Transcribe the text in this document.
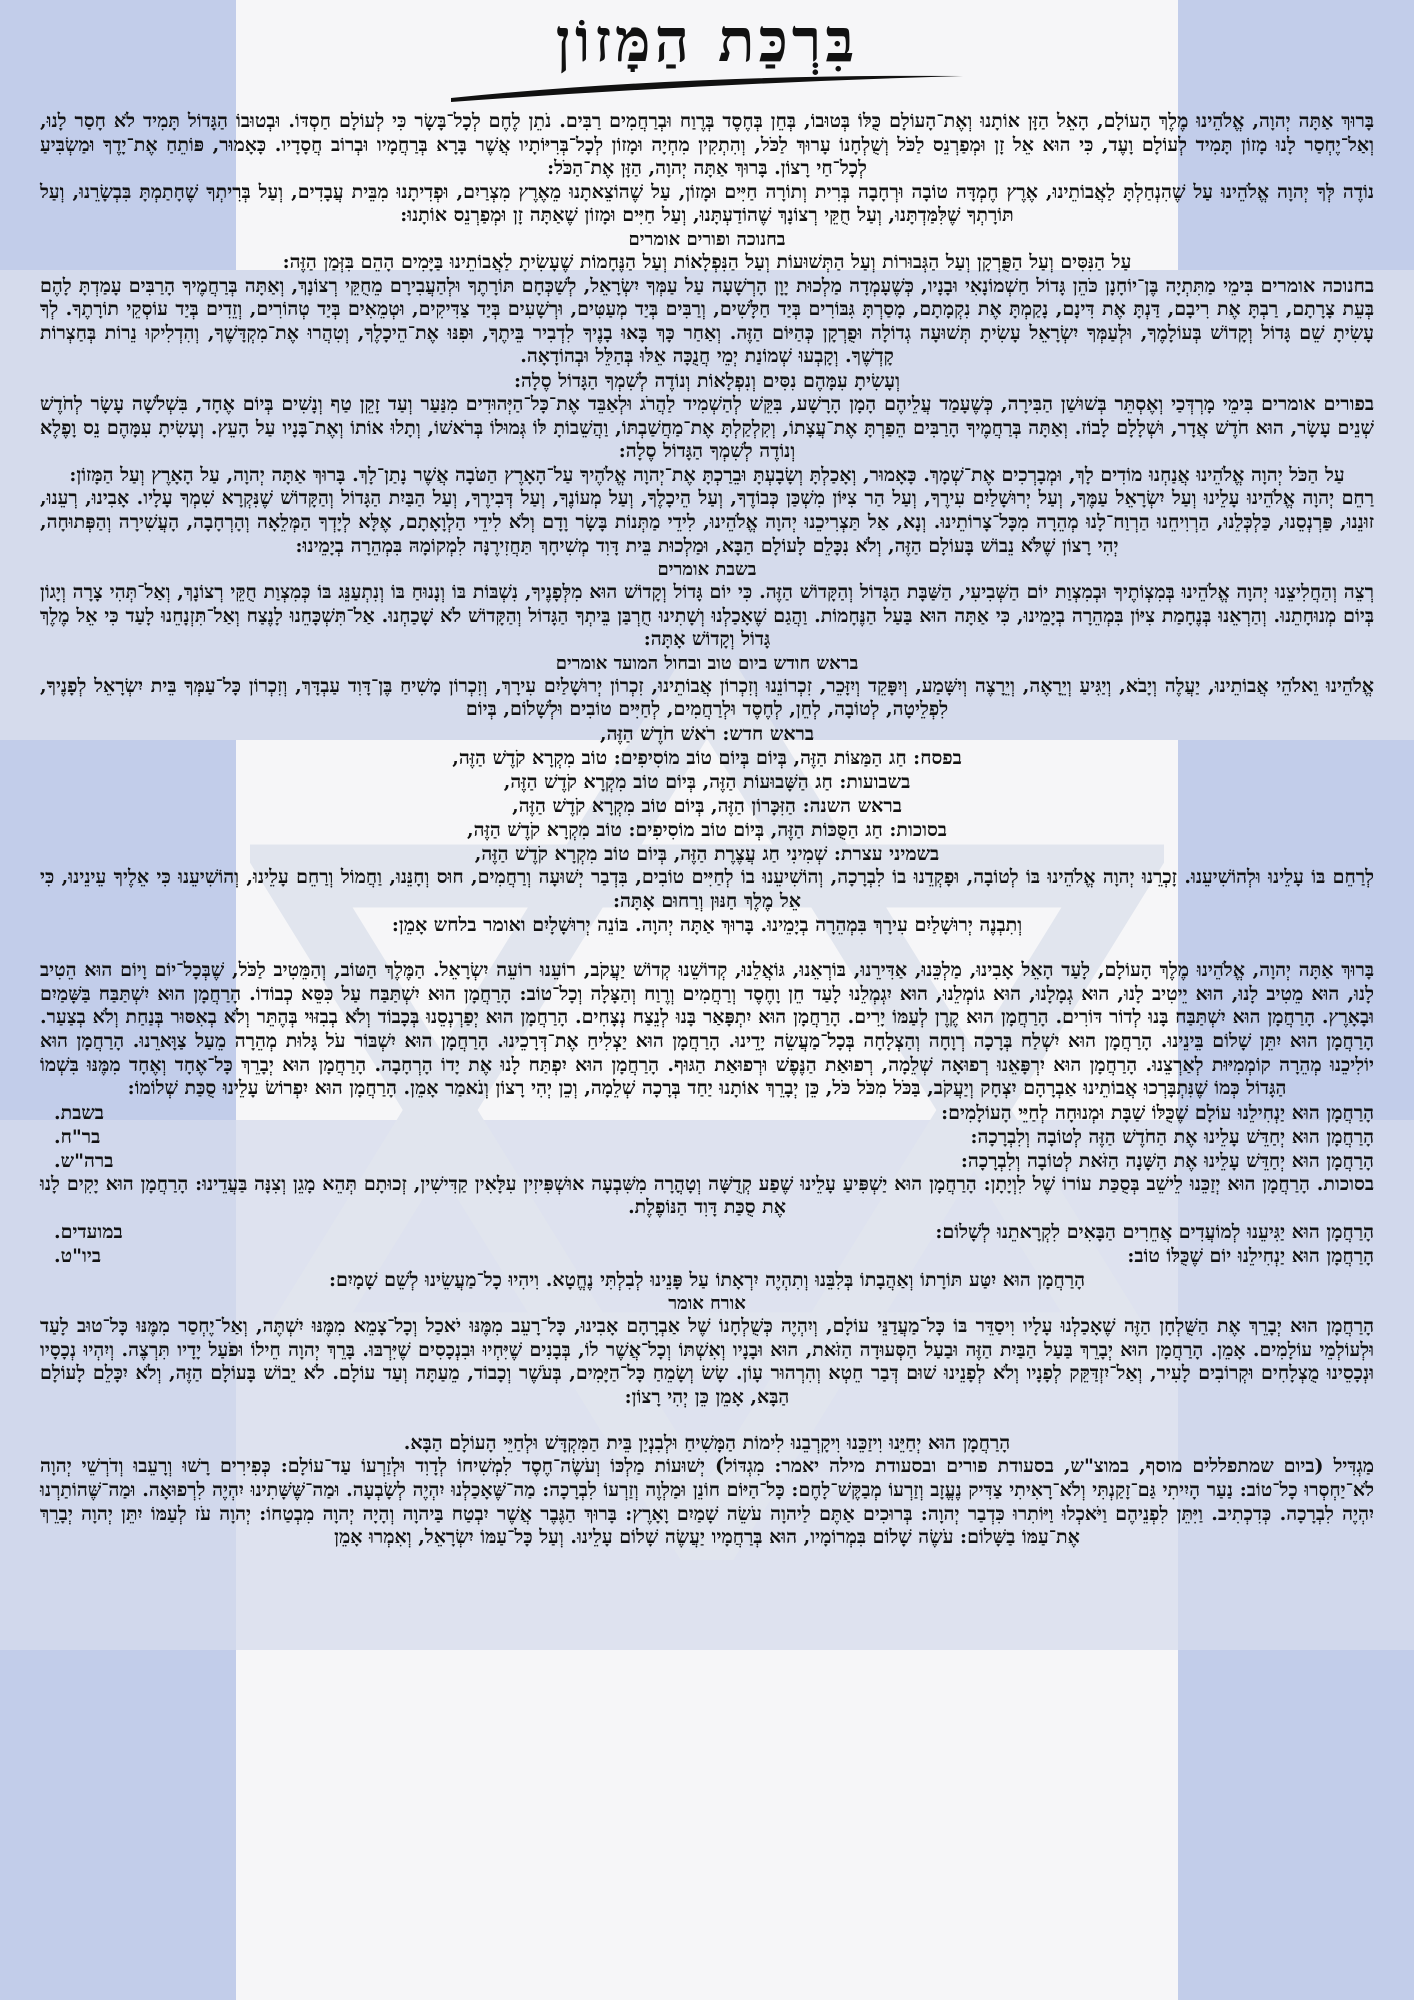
בִּרְכַּת הַמָּזוֹן

בָּרוּךְ אַתָּה יְהוָה, אֱלֹהֵינוּ מֶלֶךְ הָעוֹלָם, הָאֵל הַזָּן אוֹתָנוּ וְאֶת־הָעוֹלָם כֻּלּוֹ בְּטוּבוֹ, בְּחֵן בְּחֶסֶד בְּרֶוַח וּבְרַחֲמִים רַבִּים. נֹתֵן לֶחֶם לְכָל־בָּשָׂר כִּי לְעוֹלָם חַסְדּוֹ. וּבְטוּבוֹ הַגָּדוֹל תָּמִיד לֹא חָסַר לָנוּ, וְאַל־יֶחְסַר לָנוּ מָזוֹן תָּמִיד לְעוֹלָם וָעֶד, כִּי הוּא אֵל זָן וּמְפַרְנֵס לַכֹּל וְשֻׁלְחָנוֹ עָרוּךְ לַכֹּל, וְהִתְקִין מִחְיָה וּמָזוֹן לְכָל־בְּרִיּוֹתָיו אֲשֶׁר בָּרָא בְּרַחֲמָיו וּבְרוֹב חֲסָדָיו. כָּאָמוּר, פּוֹתֵחַ אֶת־יָדֶךָ וּמַשְׂבִּיעַ לְכָל־חַי רָצוֹן. בָּרוּךְ אַתָּה יְהוָה, הַזָּן אֶת־הַכֹּל:

נוֹדֶה לְּךָ יְהוָה אֱלֹהֵינוּ עַל שֶׁהִנְחַלְתָּ לַאֲבוֹתֵינוּ, אֶרֶץ חֶמְדָּה טוֹבָה וּרְחָבָה בְּרִית וְתוֹרָה חַיִּים וּמָזוֹן, עַל שֶׁהוֹצֵאתָנוּ מֵאֶרֶץ מִצְרַיִם, וּפְדִיתָנוּ מִבֵּית עֲבָדִים, וְעַל בְּרִיתְךָ שֶׁחָתַמְתָּ בִּבְשָׂרֵנוּ, וְעַל תּוֹרָתְךָ שֶׁלִּמַּדְתָּנוּ, וְעַל חֻקֵּי רְצוֹנָךְ שֶׁהוֹדַעְתָּנוּ, וְעַל חַיִּים וּמָזוֹן שֶׁאַתָּה זָן וּמְפַרְנֵס אוֹתָנוּ:

בחנוכה ופורים אומרים

עַל הַנִּסִּים וְעַל הַפֻּרְקָן וְעַל הַגְּבוּרוֹת וְעַל הַתְּשׁוּעוֹת וְעַל הַנִּפְלָאוֹת וְעַל הַנֶּחָמוֹת שֶׁעָשִׂיתָ לַאֲבוֹתֵינוּ בַּיָּמִים הָהֵם בִּזְּמַן הַזֶּה:

בחנוכה אומרים בִּימֵי מַתִּתְיָה בֶּן־יוֹחָנָן כֹּהֵן גָּדוֹל חַשְׁמוֹנָאִי וּבָנָיו, כְּשֶׁעָמְדָה מַלְכוּת יָוָן הָרְשָׁעָה עַל עַמְּךָ יִשְׂרָאֵל, לְשַׁכְּחָם תּוֹרָתֶךָ וּלְהַעֲבִירָם מֵחֻקֵּי רְצוֹנָךְ, וְאַתָּה בְּרַחֲמֶיךָ הָרַבִּים עָמַדְתָּ לָהֶם בְּעֵת צָרָתָם, רַבְתָּ אֶת רִיבָם, דַּנְתָּ אֶת דִּינָם, נָקַמְתָּ אֶת נִקְמָתָם, מָסַרְתָּ גִּבּוֹרִים בְּיַד חַלָּשִׁים, וְרַבִּים בְּיַד מְעַטִּים, וּרְשָׁעִים בְּיַד צַדִּיקִים, וּטְמֵאִים בְּיַד טְהוֹרִים, וְזֵדִים בְּיַד עוֹסְקֵי תוֹרָתֶךָ. לְךָ עָשִׂיתָ שֵׁם גָּדוֹל וְקָדוֹשׁ בְּעוֹלָמֶךָ, וּלְעַמְּךָ יִשְׂרָאֵל עָשִׂיתָ תְּשׁוּעָה גְדוֹלָה וּפֻרְקָן כְּהַיּוֹם הַזֶּה. וְאַחַר כָּךְ בָּאוּ בָנֶיךָ לִדְבִיר בֵּיתֶךָ, וּפִנּוּ אֶת־הֵיכָלֶךָ, וְטִהֲרוּ אֶת־מִקְדָּשֶׁךָ, וְהִדְלִיקוּ נֵרוֹת בְּחַצְרוֹת קָדְשֶׁךָ. וְקָבְעוּ שְׁמוֹנַת יְמֵי חֲנֻכָּה אֵלּוּ בְּהַלֵּל וּבְהוֹדָאָה.

וְעָשִׂיתָ עִמָּהֶם נִסִּים וְנִפְלָאוֹת וְנוֹדֶה לְשִׁמְךָ הַגָּדוֹל סֶלָה:

בפורים אומרים בִּימֵי מָרְדְּכַי וְאֶסְתֵּר בְּשׁוּשַׁן הַבִּירָה, כְּשֶׁעָמַד עֲלֵיהֶם הָמָן הָרָשָׁע, בִּקֵּשׁ לְהַשְׁמִיד לַהֲרֹג וּלְאַבֵּד אֶת־כָּל־הַיְּהוּדִים מִנַּעַר וְעַד זָקֵן טַף וְנָשִׁים בְּיוֹם אֶחָד, בִּשְׁלֹשָׁה עָשָׂר לְחֹדֶשׁ שְׁנֵים עָשָׂר, הוּא חֹדֶשׁ אֲדָר, וּשְׁלָלָם לָבוֹז. וְאַתָּה בְּרַחֲמֶיךָ הָרַבִּים הֵפַרְתָּ אֶת־עֲצָתוֹ, וְקִלְקַלְתָּ אֶת־מַחֲשַׁבְתּוֹ, וַהֲשֵׁבוֹתָ לּוֹ גְּמוּלוֹ בְּרֹאשׁוֹ, וְתָלוּ אוֹתוֹ וְאֶת־בָּנָיו עַל הָעֵץ. וְעָשִׂיתָ עִמָּהֶם נֵס וָפֶלֶא וְנוֹדֶה לְשִׁמְךָ הַגָּדוֹל סֶלָה:

עַל הַכֹּל יְהוָה אֱלֹהֵינוּ אֲנַחְנוּ מוֹדִים לָךְ, וּמְבָרְכִים אֶת־שְׁמָךְ. כָּאָמוּר, וְאָכַלְתָּ וְשָׂבָעְתָּ וּבֵרַכְתָּ אֶת־יְהוָה אֱלֹהֶיךָ עַל־הָאָרֶץ הַטֹּבָה אֲשֶׁר נָתַן־לָךְ. בָּרוּךְ אַתָּה יְהוָה, עַל הָאָרֶץ וְעַל הַמָּזוֹן:

רַחֵם יְהוָה אֱלֹהֵינוּ עָלֵינוּ וְעַל יִשְׂרָאֵל עַמֶּךָ, וְעַל יְרוּשָׁלַיִם עִירֶךָ, וְעַל הַר צִיּוֹן מִשְׁכַּן כְּבוֹדֶךָ, וְעַל הֵיכָלֶךָ, וְעַל מְעוֹנֶךָ, וְעַל דְּבִירֶךָ, וְעַל הַבַּיִת הַגָּדוֹל וְהַקָּדוֹשׁ שֶׁנִּקְרָא שִׁמְךָ עָלָיו. אָבִינוּ, רְעֵנוּ, זוּנֵנוּ, פַּרְנְסֵנוּ, כַּלְכְּלֵנוּ, הַרְוִיחֵנוּ הַרְוַח־לָנוּ מְהֵרָה מִכָּל־צָרוֹתֵינוּ. וְנָא, אַל תַּצְרִיכֵנוּ יְהוָה אֱלֹהֵינוּ, לִידֵי מַתְּנוֹת בָּשָׂר וָדָם וְלֹא לִידֵי הַלְוָאָתָם, אֶלָּא לְיָדְךָ הַמְּלֵאָה וְהָרְחָבָה, הָעֲשִׁירָה וְהַפְּתוּחָה, יְהִי רָצוֹן שֶׁלֹּא נֵבוֹשׁ בָּעוֹלָם הַזֶּה, וְלֹא נִכָּלֵם לָעוֹלָם הַבָּא, וּמַלְכוּת בֵּית דָּוִד מְשִׁיחָךְ תַּחֲזִירֶנָּה לִמְקוֹמָהּ בִּמְהֵרָה בְיָמֵינוּ:

בשבת אומרים

רְצֵה וְהַחֲלִיצֵנוּ יְהוָה אֱלֹהֵינוּ בְּמִצְוֹתֶיךָ וּבְמִצְוַת יוֹם הַשְּׁבִיעִי, הַשַּׁבָּת הַגָּדוֹל וְהַקָּדוֹשׁ הַזֶּה. כִּי יוֹם גָּדוֹל וְקָדוֹשׁ הוּא מִלְּפָנֶיךָ, נִשְׁבּוֹת בּוֹ וְנָנוּחַ בּוֹ וְנִתְעַנֵּג בּוֹ כְּמִצְוַת חֻקֵּי רְצוֹנָךְ, וְאַל־תְּהִי צָרָה וְיָגוֹן בְּיוֹם מְנוּחָתֵנוּ. וְהַרְאֵנוּ בְּנֶחָמַת צִיּוֹן בִּמְהֵרָה בְיָמֵינוּ, כִּי אַתָּה הוּא בַּעַל הַנֶּחָמוֹת. וַהֲגַם שֶׁאָכַלְנוּ וְשָׁתִינוּ חֻרְבַּן בֵּיתְךָ הַגָּדוֹל וְהַקָּדוֹשׁ לֹא שָׁכַחְנוּ. אַל־תִּשְׁכָּחֵנוּ לָנֶצַח וְאַל־תִּזְנָחֵנוּ לָעַד כִּי אֵל מֶלֶךְ גָּדוֹל וְקָדוֹשׁ אָתָּה:

בראש חודש ביום טוב ובחול המועד אומרים

אֱלֹהֵינוּ וֵאלֹהֵי אֲבוֹתֵינוּ, יַעֲלֶה וְיָבֹא, וְיַגִּיעַ וְיֵרָאֶה, וְיֵרָצֶה וְיִשָּׁמַע, וְיִפָּקֵד וְיִזָּכֵר, זִכְרוֹנֵנוּ וְזִכְרוֹן אֲבוֹתֵינוּ, זִכְרוֹן יְרוּשָׁלַיִם עִירָךְ, וְזִכְרוֹן מָשִׁיחַ בֶּן־דָּוִד עַבְדָּךְ, וְזִכְרוֹן כָּל־עַמְּךָ בֵּית יִשְׂרָאֵל לְפָנֶיךָ, לִפְלֵיטָה, לְטוֹבָה, לְחֵן, לְחֶסֶד וּלְרַחֲמִים, לְחַיִּים טוֹבִים וּלְשָׁלוֹם, בְּיוֹם

בראש חדש: רֹאשׁ חֹדֶשׁ הַזֶּה,
בפסח: חַג הַמַּצּוֹת הַזֶּה, בְּיוֹם בְּיוֹם טוֹב מוֹסִיפִים: טוֹב מִקְרָא קֹדֶשׁ הַזֶּה,
בשבועות: חַג הַשָּׁבוּעוֹת הַזֶּה, בְּיוֹם טוֹב מִקְרָא קֹדֶשׁ הַזֶּה,
בראש השנה: הַזִּכָּרוֹן הַזֶּה, בְּיוֹם טוֹב מִקְרָא קֹדֶשׁ הַזֶּה,
בסוכות: חַג הַסֻּכּוֹת הַזֶּה, בְּיוֹם טוֹב מוֹסִיפִים: טוֹב מִקְרָא קֹדֶשׁ הַזֶּה,
בשמיני עצרת: שְׁמִינִי חַג עֲצֶרֶת הַזֶּה, בְּיוֹם טוֹב מִקְרָא קֹדֶשׁ הַזֶּה,

לְרַחֵם בּוֹ עָלֵינוּ וּלְהוֹשִׁיעֵנוּ. זָכְרֵנוּ יְהוָה אֱלֹהֵינוּ בּוֹ לְטוֹבָה, וּפָקְדֵנוּ בוֹ לִבְרָכָה, וְהוֹשִׁיעֵנוּ בוֹ לְחַיִּים טוֹבִים, בִּדְבַר יְשׁוּעָה וְרַחֲמִים, חוּס וְחָנֵּנוּ, וַחֲמוֹל וְרַחֵם עָלֵינוּ, וְהוֹשִׁיעֵנוּ כִּי אֵלֶיךָ עֵינֵינוּ, כִּי אֵל מֶלֶךְ חַנּוּן וְרַחוּם אָתָּה:

וְתִבְנֶה יְרוּשָׁלַיִם עִירָךְ בִּמְהֵרָה בְיָמֵינוּ. בָּרוּךְ אַתָּה יְהוָה. בּוֹנֵה יְרוּשָׁלָיִם ואומר בלחש אָמֵן:

בָּרוּךְ אַתָּה יְהוָה, אֱלֹהֵינוּ מֶלֶךְ הָעוֹלָם, לָעַד הָאֵל אָבִינוּ, מַלְכֵּנוּ, אַדִּירֵנוּ, בּוֹרְאֵנוּ, גּוֹאֲלֵנוּ, קְדוֹשֵׁנוּ קְדוֹשׁ יַעֲקֹב, רוֹעֵנוּ רוֹעֵה יִשְׂרָאֵל. הַמֶּלֶךְ הַטּוֹב, וְהַמֵּטִיב לַכֹּל, שֶׁבְּכָל־יוֹם וָיוֹם הוּא הֵטִיב לָנוּ, הוּא מֵטִיב לָנוּ, הוּא יֵיטִיב לָנוּ, הוּא גְמָלָנוּ, הוּא גוֹמְלֵנוּ, הוּא יִגְמְלֵנוּ לָעַד חֵן וָחֶסֶד וְרַחֲמִים וְרֶוַח וְהַצָּלָה וְכָל־טוֹב: הָרַחֲמָן הוּא יִשְׁתַּבַּח עַל כִּסֵּא כְבוֹדוֹ. הָרַחֲמָן הוּא יִשְׁתַּבַּח בַּשָּׁמַיִם וּבָאָרֶץ. הָרַחֲמָן הוּא יִשְׁתַּבַּח בָּנוּ לְדוֹר דּוֹרִים. הָרַחֲמָן הוּא קֶרֶן לְעַמּוֹ יָרִים. הָרַחֲמָן הוּא יִתְפָּאַר בָּנוּ לְנֵצַח נְצָחִים. הָרַחֲמָן הוּא יְפַרְנְסֵנוּ בְּכָבוֹד וְלֹא בְבִזּוּי בְּהֶתֵּר וְלֹא בְאִסּוּר בְּנַחַת וְלֹא בְצַעַר. הָרַחֲמָן הוּא יִתֵּן שָׁלוֹם בֵּינֵינוּ. הָרַחֲמָן הוּא יִשְׁלַח בְּרָכָה רְוָחָה וְהַצְלָחָה בְּכָל־מַעֲשֵׂה יָדֵינוּ. הָרַחֲמָן הוּא יַצְלִיחַ אֶת־דְּרָכֵינוּ. הָרַחֲמָן הוּא יִשְׁבּוֹר עֹל גָּלוּת מְהֵרָה מֵעַל צַוָּארֵנוּ. הָרַחֲמָן הוּא יוֹלִיכֵנוּ מְהֵרָה קוֹמְמִיּוּת לְאַרְצֵנוּ. הָרַחֲמָן הוּא יִרְפָּאֵנוּ רְפוּאָה שְׁלֵמָה, רְפוּאַת הַנֶּפֶשׁ וּרְפוּאַת הַגּוּף. הָרַחֲמָן הוּא יִפְתַּח לָנוּ אֶת יָדוֹ הָרְחָבָה. הָרַחֲמָן הוּא יְבָרֵךְ כָּל־אֶחָד וְאֶחָד מִמֶּנּוּ בִּשְׁמוֹ הַגָּדוֹל כְּמוֹ שֶׁנִּתְבָּרְכוּ אֲבוֹתֵינוּ אַבְרָהָם יִצְחָק וְיַעֲקֹב, בַּכֹּל מִכֹּל כֹּל, כֵּן יְבָרֵךְ אוֹתָנוּ יַחַד בְּרָכָה שְׁלֵמָה, וְכֵן יְהִי רָצוֹן וְנֹאמַר אָמֵן. הָרַחֲמָן הוּא יִפְרוֹשׂ עָלֵינוּ סֻכַּת שְׁלוֹמוֹ:

הָרַחֲמָן הוּא יַנְחִילֵנוּ עוֹלָם שֶׁכֻּלּוֹ שַׁבָּת וּמְנוּחָה לְחַיֵּי הָעוֹלָמִים:
בשבת.
הָרַחֲמָן הוּא יְחַדֵּשׁ עָלֵינוּ אֶת הַחֹדֶשׁ הַזֶּה לְטוֹבָה וְלִבְרָכָה:
בר"ח.
הָרַחֲמָן הוּא יְחַדֵּשׁ עָלֵינוּ אֶת הַשָּׁנָה הַזֹּאת לְטוֹבָה וְלִבְרָכָה:
ברה"ש.

בסוכות. הָרַחֲמָן הוּא יְזַכֵּנוּ לֵישֵׁב בְּסֻכַּת עוֹרוֹ שֶׁל לִוְיָתָן: הָרַחֲמָן הוּא יַשְׁפִּיעַ עָלֵינוּ שֶׁפַע קְדֻשָּׁה וְטָהֳרָה מִשִּׁבְעָה אוּשְׁפִּיזִין עִלָּאִין קַדִּישִׁין, זְכוּתָם תְּהֵא מָגֵן וְצִנָּה בַּעֲדֵינוּ: הָרַחֲמָן הוּא יָקִים לָנוּ אֶת סֻכַּת דָּוִד הַנּוֹפֶלֶת.

הָרַחֲמָן הוּא יַגִּיעֵנוּ לְמוֹעֲדִים אֲחֵרִים הַבָּאִים לִקְרָאתֵנוּ לְשָׁלוֹם:
במועדים.
הָרַחֲמָן הוּא יַנְחִילֵנוּ יוֹם שֶׁכֻּלּוֹ טוֹב:
ביו"ט.
הָרַחֲמָן הוּא יִטַּע תּוֹרָתוֹ וְאַהֲבָתוֹ בְּלִבֵּנוּ וְתִהְיֶה יִרְאָתוֹ עַל פָּנֵינוּ לְבִלְתִּי נֶחֱטָא. וִיהִיוּ כָל־מַעֲשֵׂינוּ לְשֵׁם שָׁמָיִם:
אורח אומר

הָרַחֲמָן הוּא יְבָרֵךְ אֶת הַשֻּׁלְחָן הַזֶּה שֶׁאָכַלְנוּ עָלָיו וִיסַדֵּר בּוֹ כָּל־מַעֲדַנֵּי עוֹלָם, וְיִהְיֶה כְּשֻׁלְחָנוֹ שֶׁל אַבְרָהָם אָבִינוּ, כָּל־רָעֵב מִמֶּנּוּ יֹאכַל וְכָל־צָמֵא מִמֶּנּוּ יִשְׁתֶּה, וְאַל־יֶחְסַר מִמֶּנּוּ כָּל־טוּב לָעַד וּלְעוֹלְמֵי עוֹלָמִים. אָמֵן. הָרַחֲמָן הוּא יְבָרֵךְ בַּעַל הַבַּיִת הַזֶּה וּבַעַל הַסְּעוּדָה הַזֹּאת, הוּא וּבָנָיו וְאִשְׁתּוֹ וְכָל־אֲשֶׁר לוֹ, בְּבָנִים שֶׁיִּחְיוּ וּבִנְכָסִים שֶׁיִּרְבּוּ. בָּרֵךְ יְהוָה חֵילוֹ וּפֹעַל יָדָיו תִּרְצֶה. וְיִהְיוּ נְכָסָיו וּנְכָסֵינוּ מֻצְלָחִים וּקְרוֹבִים לָעִיר, וְאַל־יִזְדַּקֵּק לְפָנָיו וְלֹא לְפָנֵינוּ שׁוּם דְּבַר חֵטְא וְהִרְהוּר עָוֹן. שָׂשׂ וְשָׂמֵחַ כָּל־הַיָּמִים, בְּעֹשֶׁר וְכָבוֹד, מֵעַתָּה וְעַד עוֹלָם. לֹא יֵבוֹשׁ בָּעוֹלָם הַזֶּה, וְלֹא יִכָּלֵם לָעוֹלָם הַבָּא, אָמֵן כֵּן יְהִי רָצוֹן:

הָרַחֲמָן הוּא יְחַיֵּנוּ וִיזַכֵּנוּ וִיקָרְבֵנוּ לִימוֹת הַמָּשִׁיחַ וּלְבִנְיַן בֵּית הַמִּקְדָּשׁ וּלְחַיֵּי הָעוֹלָם הַבָּא.

מַגְדִּיל (ביום שמתפללים מוסף, במוצ"ש, בסעודת פורים ובסעודת מילה יאמר: מִגְדּוֹל) יְשׁוּעוֹת מַלְכּוֹ וְעֹשֶׂה־חֶסֶד לִמְשִׁיחוֹ לְדָוִד וּלְזַרְעוֹ עַד־עוֹלָם: כְּפִירִים רָשׁוּ וְרָעֵבוּ וְדֹרְשֵׁי יְהוָה לֹא־יַחְסְרוּ כָל־טוֹב: נַעַר הָיִיתִי גַּם־זָקַנְתִּי וְלֹא־רָאִיתִי צַדִּיק נֶעֱזָב וְזַרְעוֹ מְבַקֶּשׁ־לָחֶם: כָּל־הַיּוֹם חוֹנֵן וּמַלְוֶה וְזַרְעוֹ לִבְרָכָה: מַה־שֶּׁאָכַלְנוּ יִהְיֶה לְשָׂבְעָה. וּמַה־שֶּׁשָּׁתִינוּ יִהְיֶה לִרְפוּאָה. וּמַה־שֶּׁהוֹתַרְנוּ יִהְיֶה לִבְרָכָה. כְּדִכְתִיב. וַיִּתֵּן לִפְנֵיהֶם וַיֹּאכְלוּ וַיּוֹתִרוּ כִּדְבַר יְהוָה: בְּרוּכִים אַתֶּם לַיהוָה עֹשֵׂה שָׁמַיִם וָאָרֶץ: בָּרוּךְ הַגֶּבֶר אֲשֶׁר יִבְטַח בַּיהוָה וְהָיָה יְהוָה מִבְטַחוֹ: יְהוָה עֹז לְעַמּוֹ יִתֵּן יְהוָה יְבָרֵךְ אֶת־עַמּוֹ בַשָּׁלוֹם: עֹשֶׂה שָׁלוֹם בִּמְרוֹמָיו, הוּא בְּרַחֲמָיו יַעֲשֶׂה שָׁלוֹם עָלֵינוּ. וְעַל כָּל־עַמּוֹ יִשְׂרָאֵל, וְאִמְרוּ אָמֵן
